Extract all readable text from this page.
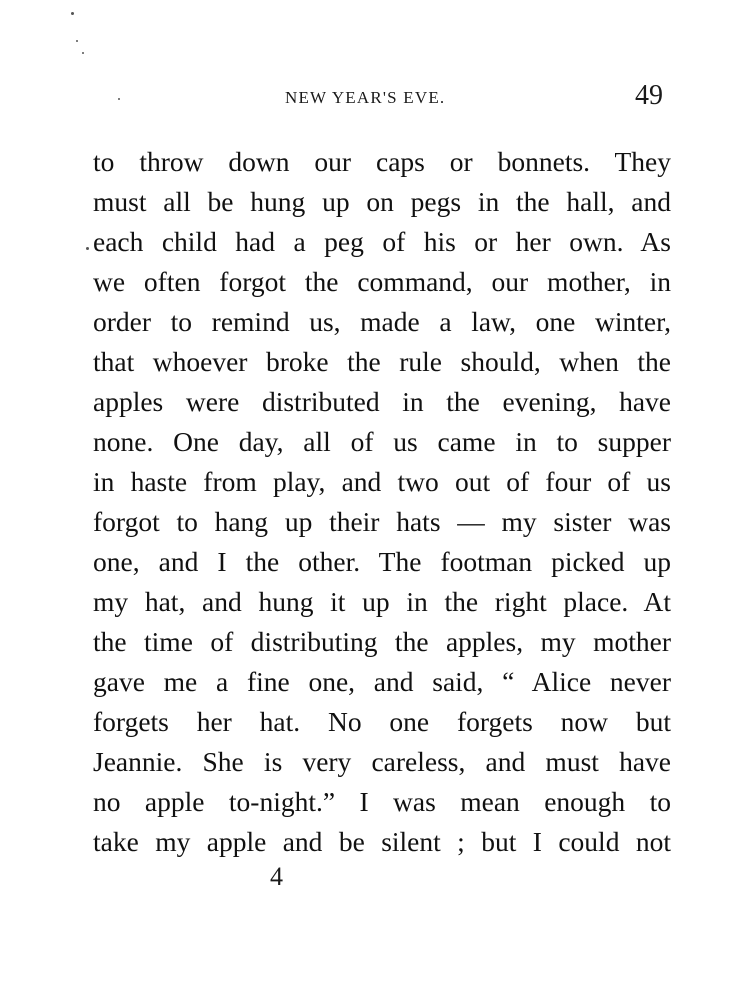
NEW YEAR'S EVE.	49
to throw down our caps or bonnets. They
must all be hung up on pegs in the hall, and
each child had a peg of his or her own. As
we often forgot the command, our mother, in
order to remind us, made a law, one winter,
that whoever broke the rule should, when the
apples were distributed in the evening, have
none. One day, all of us came in to supper
in haste from play, and two out of four of us
forgot to hang up their hats — my sister was
one, and I the other. The footman picked up
my hat, and hung it up in the right place. At
the time of distributing the apples, my mother
gave me a fine one, and said, “ Alice never
forgets her hat. No one forgets now but
Jeannie. She is very careless, and must have
no apple to-night.” I was mean enough to
take my apple and be silent ; but I could not
4
